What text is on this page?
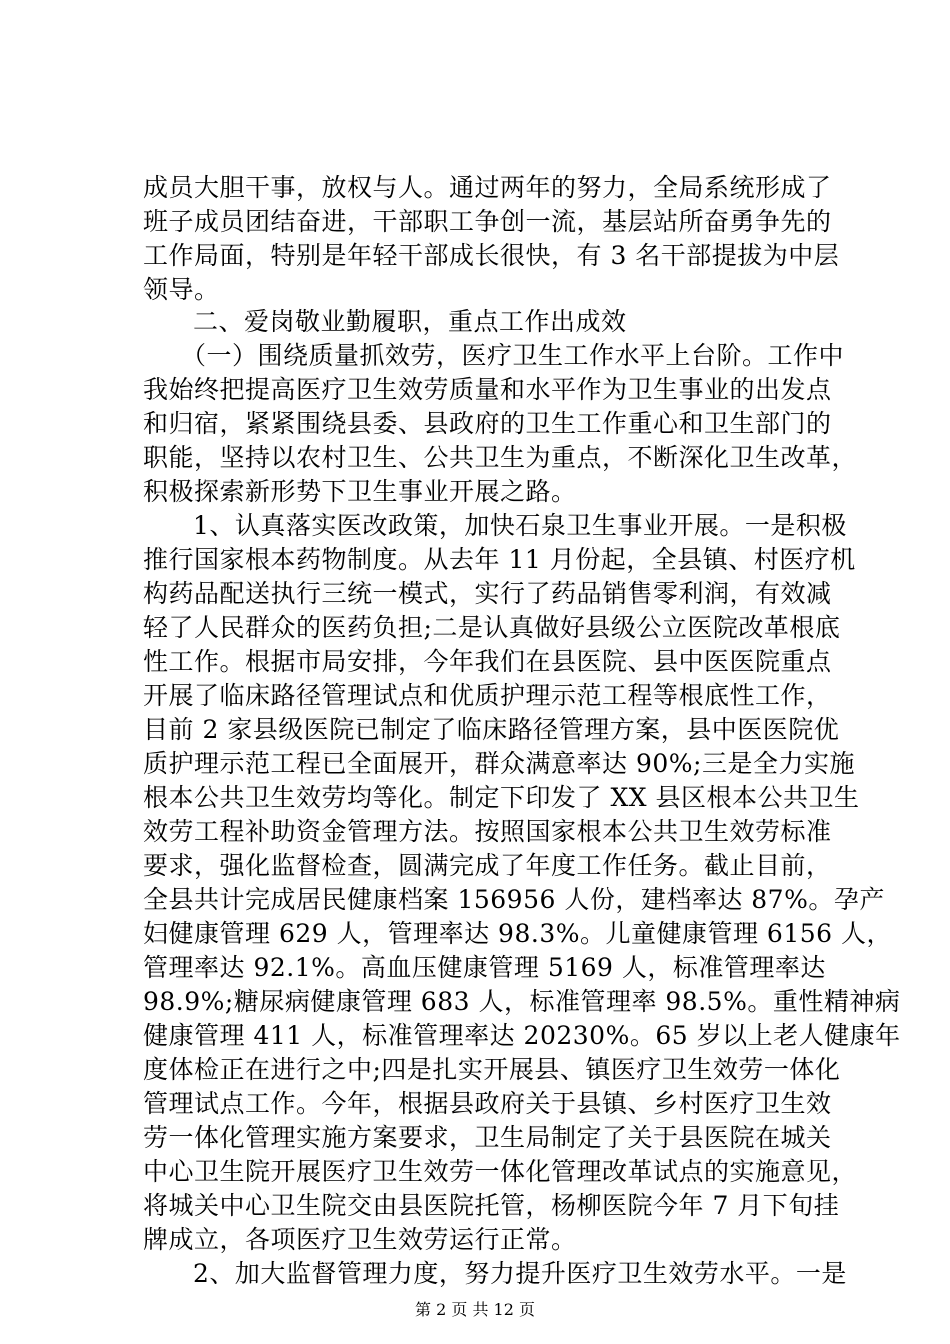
成员大胆干事，放权与人。通过两年的努力，全局系统形成了
班子成员团结奋进，干部职工争创一流，基层站所奋勇争先的
工作局面，特别是年轻干部成长很快，有 3 名干部提拔为中层
领导。
二、爱岗敬业勤履职，重点工作出成效
（一）围绕质量抓效劳，医疗卫生工作水平上台阶。工作中
我始终把提高医疗卫生效劳质量和水平作为卫生事业的出发点
和归宿，紧紧围绕县委、县政府的卫生工作重心和卫生部门的
职能，坚持以农村卫生、公共卫生为重点，不断深化卫生改革，
积极探索新形势下卫生事业开展之路。
1、认真落实医改政策，加快石泉卫生事业开展。一是积极
推行国家根本药物制度。从去年 11 月份起，全县镇、村医疗机
构药品配送执行三统一模式，实行了药品销售零利润，有效减
轻了人民群众的医药负担;二是认真做好县级公立医院改革根底
性工作。根据市局安排，今年我们在县医院、县中医医院重点
开展了临床路径管理试点和优质护理示范工程等根底性工作，
目前 2 家县级医院已制定了临床路径管理方案，县中医医院优
质护理示范工程已全面展开，群众满意率达 90%;三是全力实施
根本公共卫生效劳均等化。制定下印发了 XX 县区根本公共卫生
效劳工程补助资金管理方法。按照国家根本公共卫生效劳标准
要求，强化监督检查，圆满完成了年度工作任务。截止目前，
全县共计完成居民健康档案 156956 人份，建档率达 87%。孕产
妇健康管理 629 人，管理率达 98.3%。儿童健康管理 6156 人，
管理率达 92.1%。高血压健康管理 5169 人，标准管理率达
98.9%;糖尿病健康管理 683 人，标准管理率 98.5%。重性精神病
健康管理 411 人，标准管理率达 20230%。65 岁以上老人健康年
度体检正在进行之中;四是扎实开展县、镇医疗卫生效劳一体化
管理试点工作。今年，根据县政府关于县镇、乡村医疗卫生效
劳一体化管理实施方案要求，卫生局制定了关于县医院在城关
中心卫生院开展医疗卫生效劳一体化管理改革试点的实施意见，
将城关中心卫生院交由县医院托管，杨柳医院今年 7 月下旬挂
牌成立，各项医疗卫生效劳运行正常。
2、加大监督管理力度，努力提升医疗卫生效劳水平。一是
第 2 页 共 12 页
